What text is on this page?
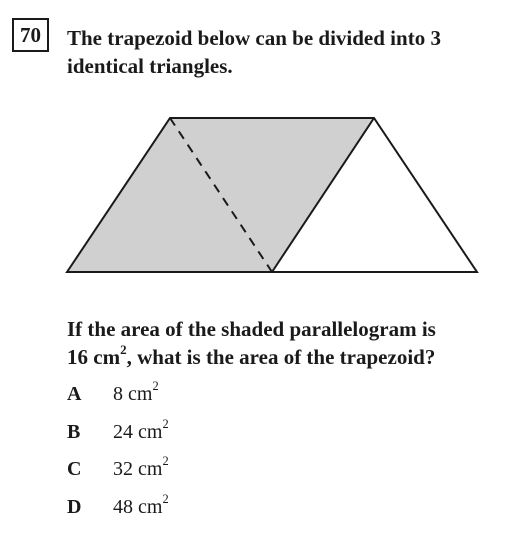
70 The trapezoid below can be divided into 3 identical triangles.
If the area of the shaded parallelogram is
16 $cm^2$, what is the area of the trapezoid?
A	8 $cm^2$
B	24 $cm^2$
C	32 $cm^2$
D	48 $cm^2$
